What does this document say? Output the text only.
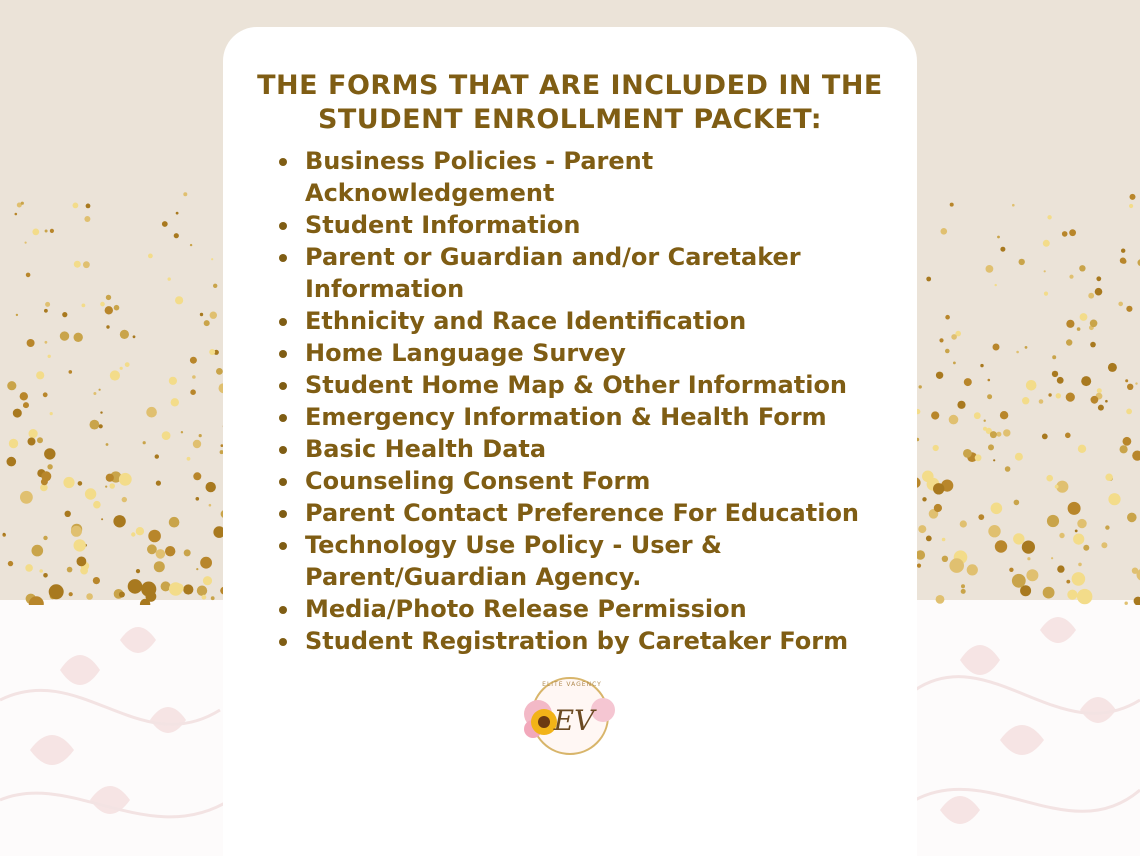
THE FORMS THAT ARE INCLUDED IN THE STUDENT ENROLLMENT PACKET:
Business Policies - Parent Acknowledgement
Student Information
Parent or Guardian and/or Caretaker Information
Ethnicity and Race Identification
Home Language Survey
Student Home Map & Other Information
Emergency Information & Health Form
Basic Health Data
Counseling Consent Form
Parent Contact Preference For Education
Technology Use Policy - User & Parent/Guardian Agency.
Media/Photo Release Permission
Student Registration by Caretaker Form
EV
ELITE VAGENCY
